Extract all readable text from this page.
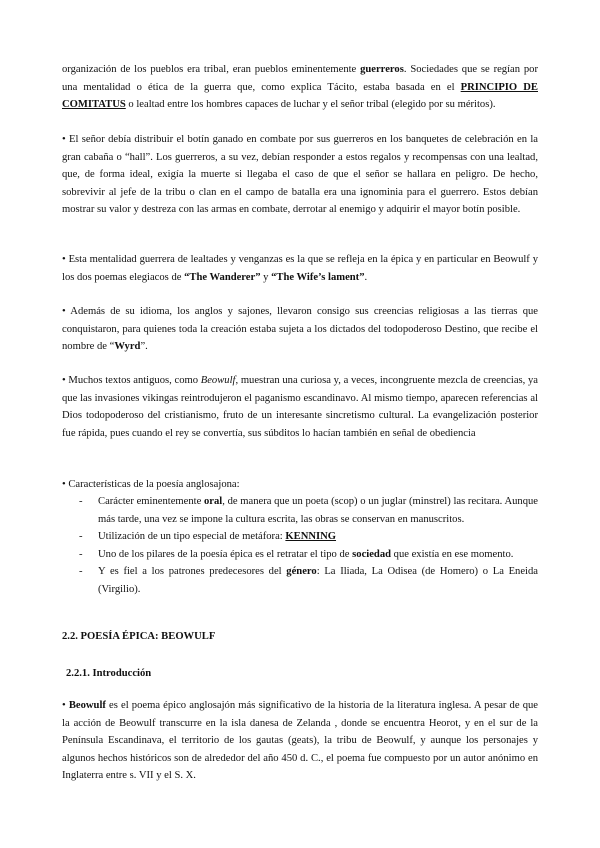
organización de los pueblos era tribal, eran pueblos eminentemente guerreros. Sociedades que se regían por una mentalidad o ética de la guerra que, como explica Tácito, estaba basada en el PRINCIPIO DE COMITATUS o lealtad entre los hombres capaces de luchar y el señor tribal (elegido por su méritos).

• El señor debía distribuir el botín ganado en combate por sus guerreros en los banquetes de celebración en la gran cabaña o “hall”. Los guerreros, a su vez, debían responder a estos regalos y recompensas con una lealtad, que, de forma ideal, exigía la muerte si llegaba el caso de que el señor se hallara en peligro. De hecho, sobrevivir al jefe de la tribu o clan en el campo de batalla era una ignominia para el guerrero. Estos debían mostrar su valor y destreza con las armas en combate, derrotar al enemigo y adquirir el mayor botín posible.

• Esta mentalidad guerrera de lealtades y venganzas es la que se refleja en la épica y en particular en Beowulf y los dos poemas elegiacos de “The Wanderer” y “The Wife’s lament”.

• Además de su idioma, los anglos y sajones, llevaron consigo sus creencias religiosas a las tierras que conquistaron, para quienes toda la creación estaba sujeta a los dictados del todopoderoso Destino, que recibe el nombre de “Wyrd”.

• Muchos textos antiguos, como Beowulf, muestran una curiosa y, a veces, incongruente mezcla de creencias, ya que las invasiones vikingas reintrodujeron el paganismo escandinavo. Al mismo tiempo, aparecen referencias al Dios todopoderoso del cristianismo, fruto de un interesante sincretismo cultural. La evangelización posterior fue rápida, pues cuando el rey se convertía, sus súbditos lo hacían también en señal de obediencia

• Características de la poesía anglosajona:

- Carácter eminentemente oral, de manera que un poeta (scop) o un juglar (minstrel) las recitara. Aunque más tarde, una vez se impone la cultura escrita, las obras se conservan en manuscritos.
- Utilización de un tipo especial de metáfora: KENNING
- Uno de los pilares de la poesía épica es el retratar el tipo de sociedad que existía en ese momento.
- Y es fiel a los patrones predecesores del género: La Iliada, La Odisea (de Homero) o La Eneida (Virgilio).
2.2. POESÍA ÉPICA: BEOWULF
2.2.1. Introducción

• Beowulf es el poema épico anglosajón más significativo de la historia de la literatura inglesa. A pesar de que la acción de Beowulf transcurre en la isla danesa de Zelanda , donde se encuentra Heorot, y en el sur de la Península Escandinava, el territorio de los gautas (geats), la tribu de Beowulf, y aunque los personajes y algunos hechos históricos son de alrededor del año 450 d. C., el poema fue compuesto por un autor anónimo en Inglaterra entre s. VII y el S. X.
